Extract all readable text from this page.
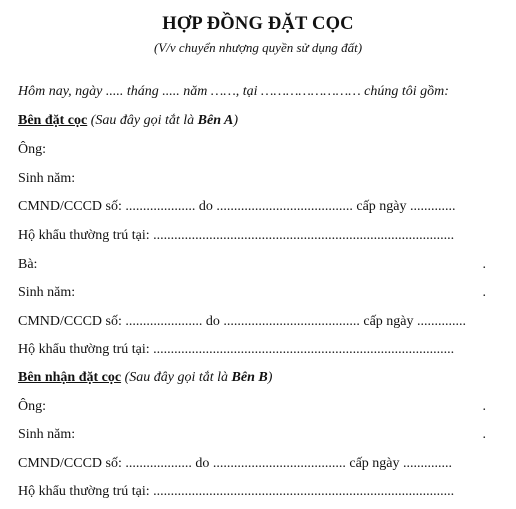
HỢP ĐỒNG ĐẶT CỌC
(V/v chuyển nhượng quyền sử dụng đất)
Hôm nay, ngày ..... tháng ..... năm ……, tại …………………… chúng tôi gồm:
Bên đặt cọc (Sau đây gọi tắt là Bên A)
Ông:
Sinh năm:
CMND/CCCD số: .................... do ....................................... cấp ngày .............
Hộ khẩu thường trú tại: ......................................................................................
Bà:	.
Sinh năm:	.
CMND/CCCD số: ...................... do ....................................... cấp ngày ..............
Hộ khẩu thường trú tại: ......................................................................................
Bên nhận đặt cọc (Sau đây gọi tắt là Bên B)
Ông:	.
Sinh năm:	.
CMND/CCCD số: ................... do ...................................... cấp ngày ..............
Hộ khẩu thường trú tại: ......................................................................................
